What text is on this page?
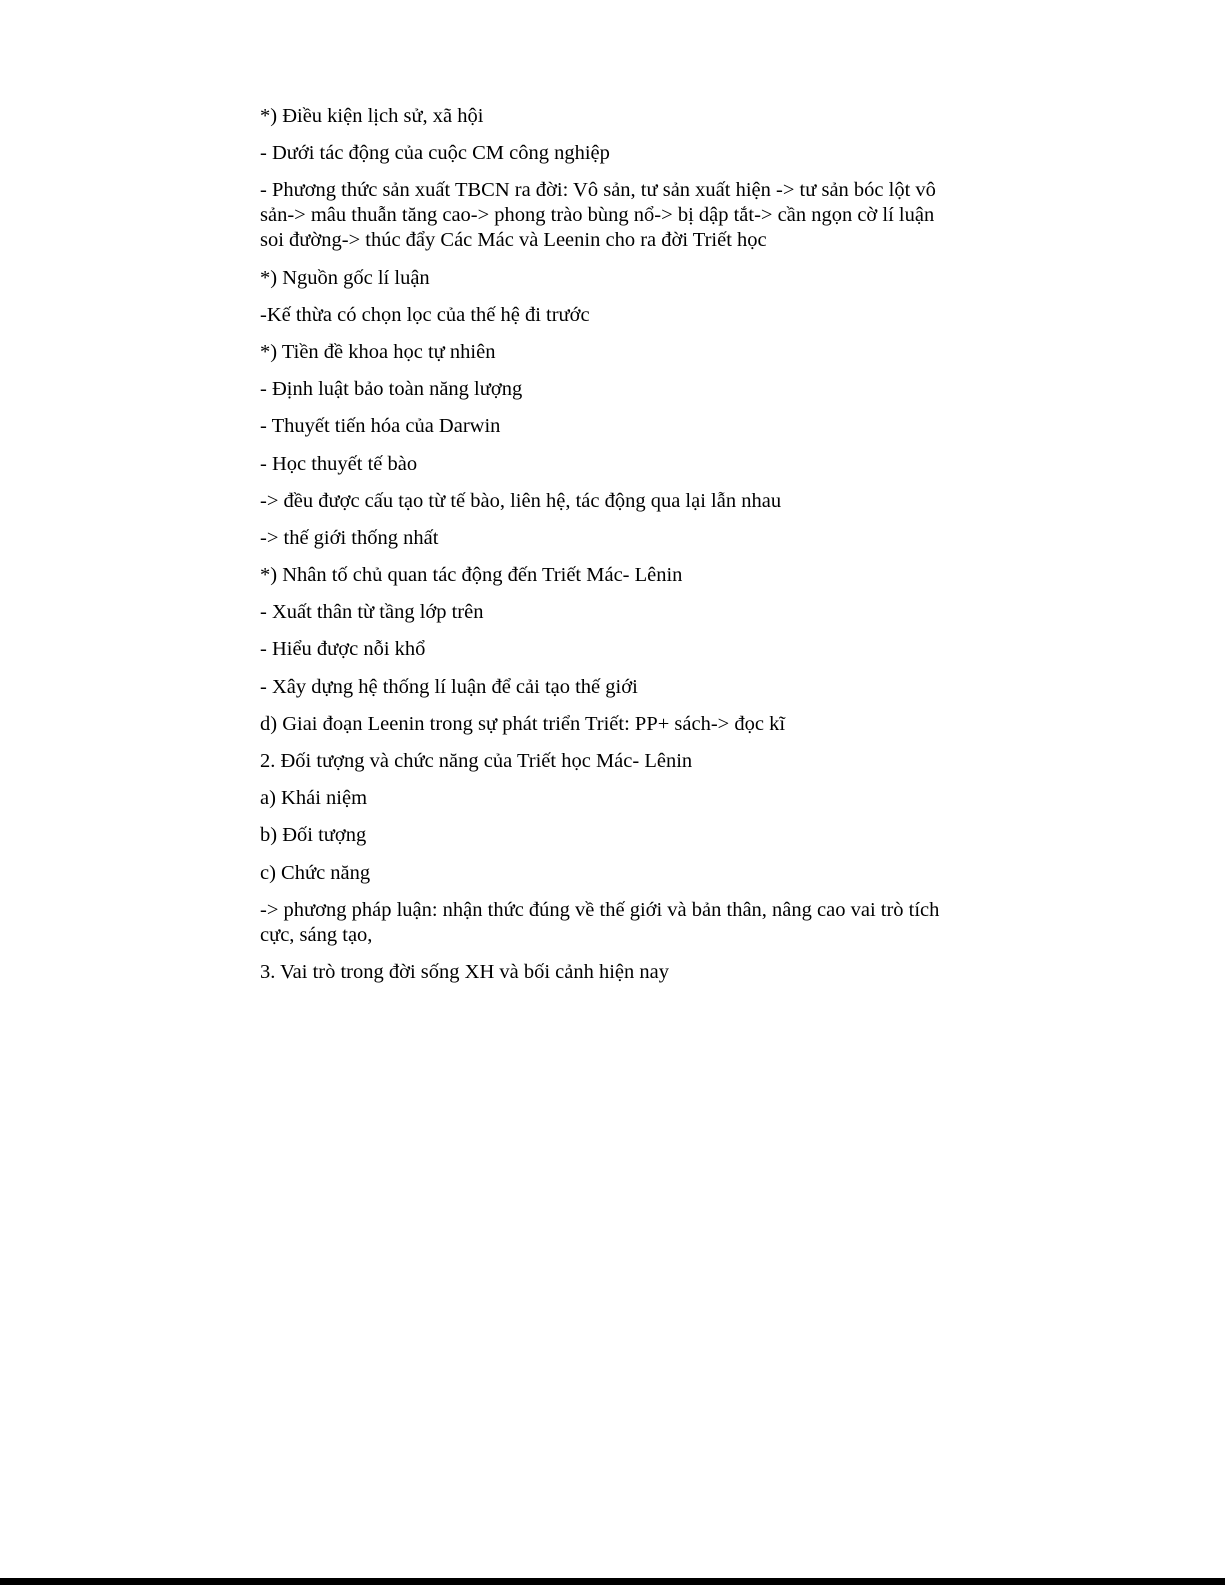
*) Điều kiện lịch sử, xã hội

- Dưới tác động của cuộc CM công nghiệp

- Phương thức sản xuất TBCN ra đời: Vô sản, tư sản xuất hiện -> tư sản bóc lột vô sản-> mâu thuẫn tăng cao-> phong trào bùng nổ-> bị dập tắt-> cần ngọn cờ lí luận soi đường-> thúc đẩy Các Mác và Leenin cho ra đời Triết học

*) Nguồn gốc lí luận

-Kế thừa có chọn lọc của thế hệ đi trước

*) Tiền đề khoa học tự nhiên

- Định luật bảo toàn năng lượng

- Thuyết tiến hóa của Darwin

- Học thuyết tế bào

-> đều được cấu tạo từ tế bào, liên hệ, tác động qua lại lẫn nhau

-> thế giới thống nhất

*) Nhân tố chủ quan tác động đến Triết Mác- Lênin

- Xuất thân từ tầng lớp trên

- Hiểu được nỗi khổ

- Xây dựng hệ thống lí luận để cải tạo thế giới

d) Giai đoạn Leenin trong sự phát triển Triết: PP+ sách-> đọc kĩ

2. Đối tượng và chức năng của Triết học Mác- Lênin

a) Khái niệm

b) Đối tượng

c) Chức năng

-> phương pháp luận: nhận thức đúng về thế giới và bản thân, nâng cao vai trò tích cực, sáng tạo,

3. Vai trò trong đời sống XH và bối cảnh hiện nay
